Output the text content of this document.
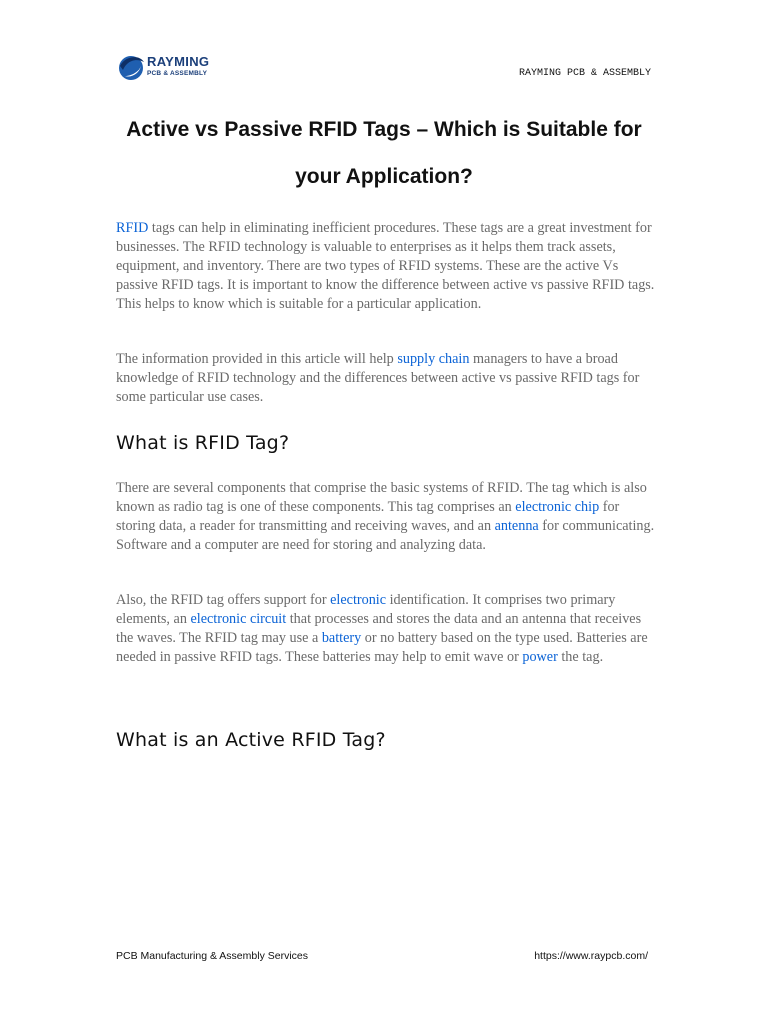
RAYMING
PCB & ASSEMBLY	RAYMING PCB & ASSEMBLY
Active vs Passive RFID Tags – Which is Suitable for
your Application?
RFID tags can help in eliminating inefficient procedures. These tags are a great investment for businesses. The RFID technology is valuable to enterprises as it helps them track assets, equipment, and inventory. There are two types of RFID systems. These are the active Vs passive RFID tags. It is important to know the difference between active vs passive RFID tags. This helps to know which is suitable for a particular application.
The information provided in this article will help supply chain managers to have a broad knowledge of RFID technology and the differences between active vs passive RFID tags for some particular use cases.
What is RFID Tag?
There are several components that comprise the basic systems of RFID. The tag which is also known as radio tag is one of these components. This tag comprises an electronic chip for storing data, a reader for transmitting and receiving waves, and an antenna for communicating. Software and a computer are need for storing and analyzing data.
Also, the RFID tag offers support for electronic identification. It comprises two primary elements, an electronic circuit that processes and stores the data and an antenna that receives the waves. The RFID tag may use a battery or no battery based on the type used. Batteries are needed in passive RFID tags. These batteries may help to emit wave or power the tag.
What is an Active RFID Tag?
PCB Manufacturing & Assembly Services	https://www.raypcb.com/
